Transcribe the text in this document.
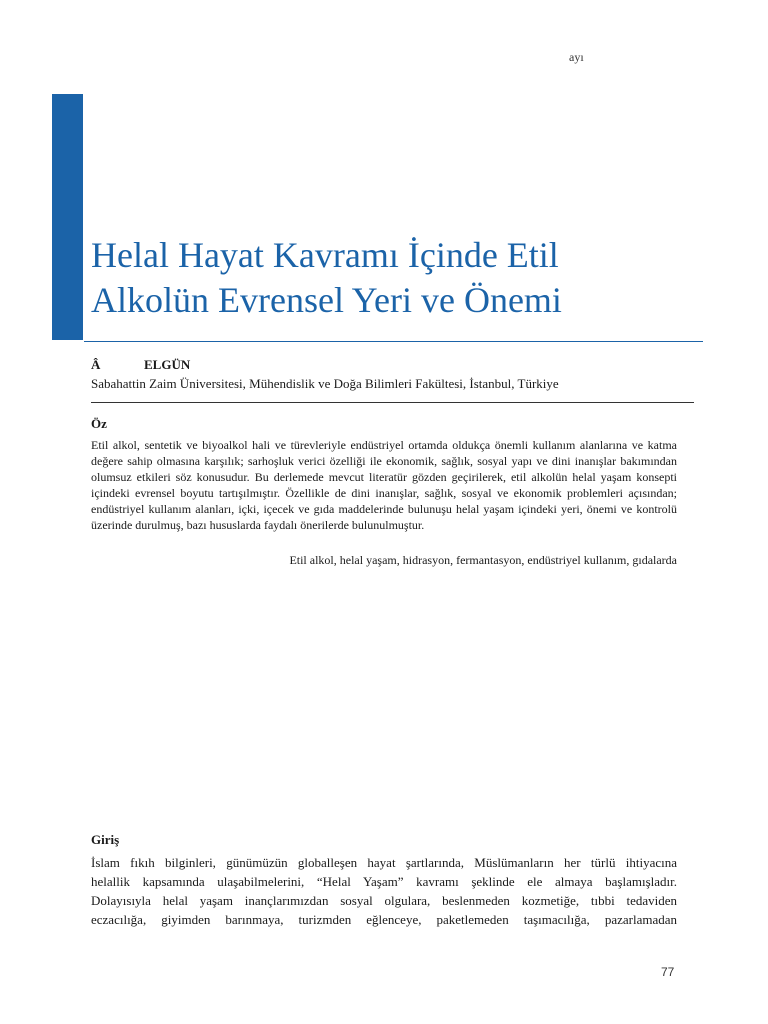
ayı
DERLEME Helal Hayat Kavramı İçinde Etil
Alkolün Evrensel Yeri ve Önemi
Â	ELGÜN
Sabahattin Zaim Üniversitesi, Mühendislik ve Doğa Bilimleri Fakültesi, İstanbul, Türkiye
Öz
Etil alkol, sentetik ve biyoalkol hali ve türevleriyle endüstriyel ortamda oldukça önemli kullanım alanlarına ve katma değere sahip olmasına karşılık; sarhoşluk verici özelliği ile ekonomik, sağlık, sosyal yapı ve dini inanışlar bakımından olumsuz etkileri söz konusudur. Bu derlemede mevcut literatür gözden geçirilerek, etil alkolün helal yaşam konsepti içindeki evrensel boyutu tartışılmıştır. Özellikle de dini inanışlar, sağlık, sosyal ve ekonomik problemleri açısından; endüstriyel kullanım alanları, içki, içecek ve gıda maddelerinde bulunuşu helal yaşam içindeki yeri, önemi ve kontrolü üzerinde durulmuş, bazı hususlarda faydalı önerilerde bulunulmuştur.
Etil alkol, helal yaşam, hidrasyon, fermantasyon, endüstriyel kullanım, gıdalarda
Giriş
İslam fıkıh bilginleri, günümüzün globalleşen hayat şartlarında, Müslümanların her türlü ihtiyacına
helallik kapsamında ulaşabilmelerini, “Helal Yaşam” kavramı şeklinde ele almaya başlamışladır.
Dolayısıyla helal yaşam inançlarımızdan sosyal olgulara, beslenmeden kozmetiğe, tıbbi tedaviden
eczacılığa, giyimden barınmaya, turizmden eğlenceye, paketlemeden taşımacılığa, pazarlamadan
77
